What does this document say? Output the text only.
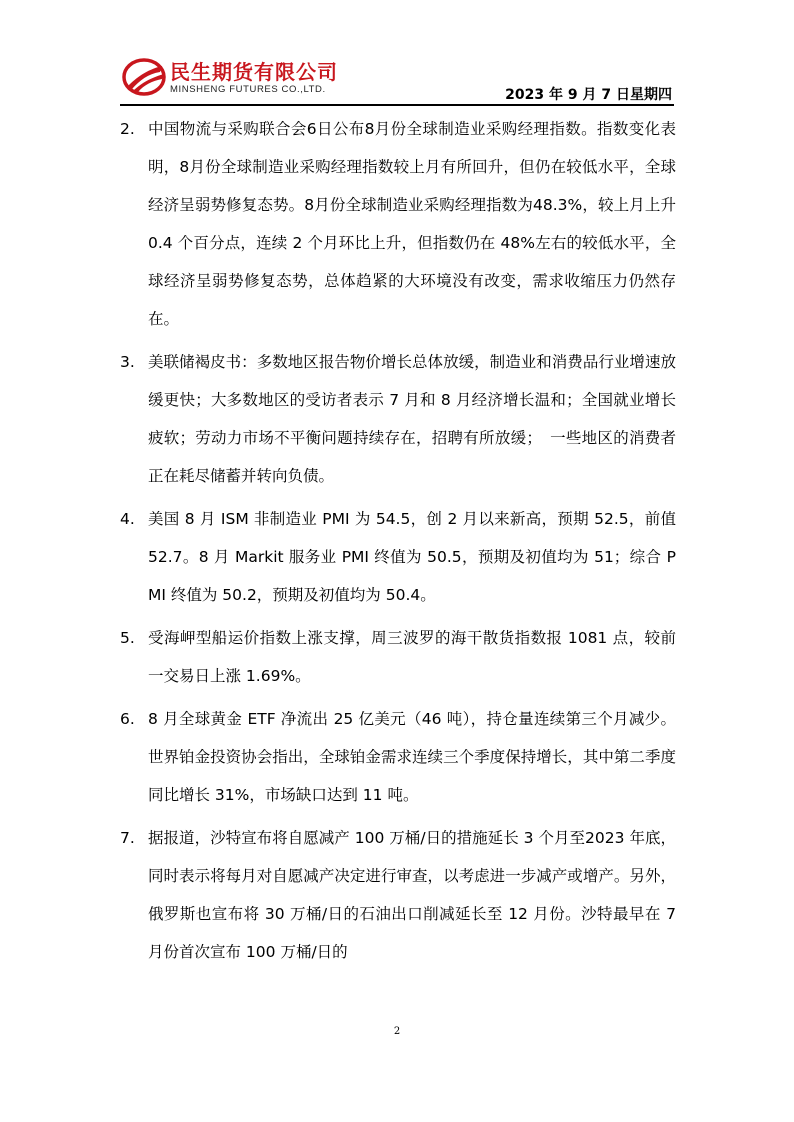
民生期货有限公司
MINSHENG FUTURES CO.,LTD.	2023 年 9 月 7 日星期四
2. 中国物流与采购联合会6日公布8月份全球制造业采购经理指数。指数变化表明，8月份全球制造业采购经理指数较上月有所回升，但仍在较低水平，全球经济呈弱势修复态势。8月份全球制造业采购经理指数为48.3%，较上月上升 0.4 个百分点，连续 2 个月环比上升，但指数仍在 48%左右的较低水平，全球经济呈弱势修复态势，总体趋紧的大环境没有改变，需求收缩压力仍然存在。
3. 美联储褐皮书：多数地区报告物价增长总体放缓，制造业和消费品行业增速放缓更快；大多数地区的受访者表示 7 月和 8 月经济增长温和；全国就业增长疲软；劳动力市场不平衡问题持续存在，招聘有所放缓；　一些地区的消费者正在耗尽储蓄并转向负债。
4. 美国 8 月 ISM 非制造业 PMI 为 54.5，创 2 月以来新高，预期 52.5，前值 52.7。8 月 Markit 服务业 PMI 终值为 50.5，预期及初值均为 51；综合 PMI 终值为 50.2，预期及初值均为 50.4。
5. 受海岬型船运价指数上涨支撑，周三波罗的海干散货指数报 1081 点，较前一交易日上涨 1.69%。
6. 8 月全球黄金 ETF 净流出 25 亿美元（46 吨），持仓量连续第三个月减少。世界铂金投资协会指出，全球铂金需求连续三个季度保持增长，其中第二季度同比增长 31%，市场缺口达到 11 吨。
7. 据报道，沙特宣布将自愿减产 100 万桶/日的措施延长 3 个月至2023 年底，同时表示将每月对自愿减产决定进行审查，以考虑进一步减产或增产。另外，俄罗斯也宣布将 30 万桶/日的石油出口削减延长至 12 月份。沙特最早在 7 月份首次宣布 100 万桶/日的
2
